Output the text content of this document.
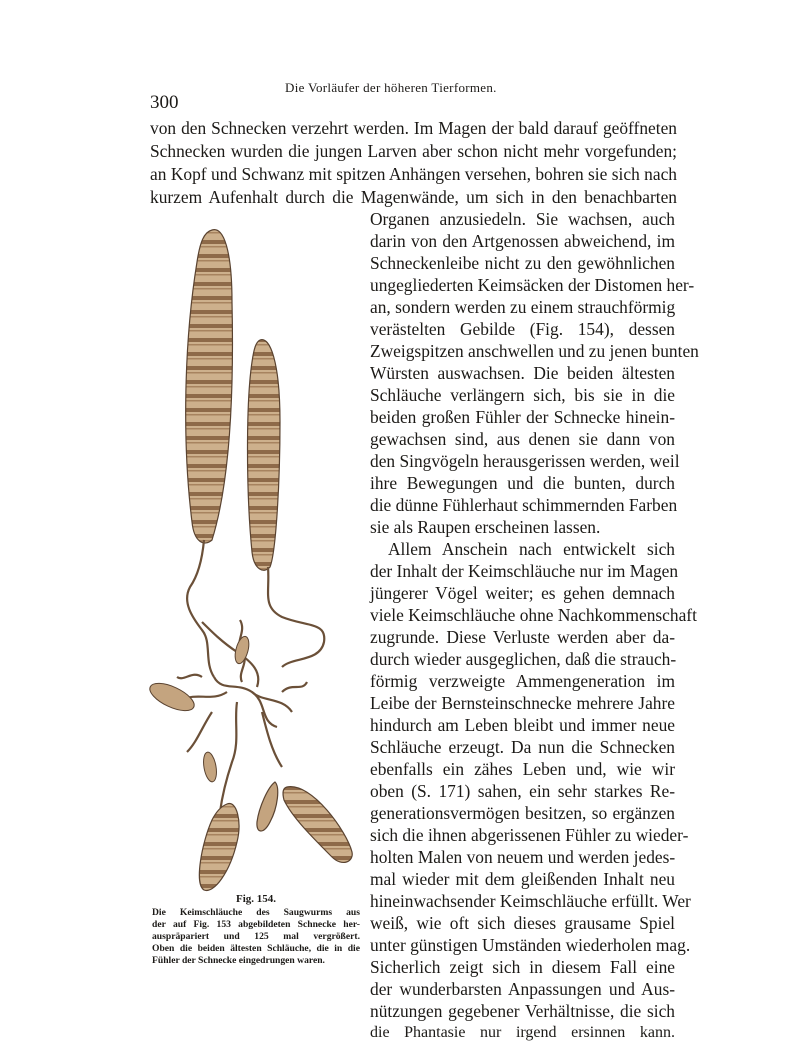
300
Die Vorläufer der höheren Tierformen.
von den Schnecken verzehrt werden. Im Magen der bald darauf geöffneten
Schnecken wurden die jungen Larven aber schon nicht mehr vorgefunden;
an Kopf und Schwanz mit spitzen Anhängen versehen, bohren sie sich nach
kurzem Aufenhalt durch die Magenwände, um sich in den benachbarten
Organen anzusiedeln. Sie wachsen, auch
darin von den Artgenossen abweichend, im
Schneckenleibe nicht zu den gewöhnlichen
ungegliederten Keimsäcken der Distomen her-
an, sondern werden zu einem strauchförmig
verästelten Gebilde (Fig. 154), dessen
Zweigspitzen anschwellen und zu jenen bunten
Würsten auswachsen. Die beiden ältesten
Schläuche verlängern sich, bis sie in die
beiden großen Fühler der Schnecke hinein-
gewachsen sind, aus denen sie dann von
den Singvögeln herausgerissen werden, weil
ihre Bewegungen und die bunten, durch
die dünne Fühlerhaut schimmernden Farben
sie als Raupen erscheinen lassen.
Allem Anschein nach entwickelt sich
der Inhalt der Keimschläuche nur im Magen
jüngerer Vögel weiter; es gehen demnach
viele Keimschläuche ohne Nachkommenschaft
zugrunde. Diese Verluste werden aber da-
durch wieder ausgeglichen, daß die strauch-
förmig verzweigte Ammengeneration im
Leibe der Bernsteinschnecke mehrere Jahre
hindurch am Leben bleibt und immer neue
Schläuche erzeugt. Da nun die Schnecken
ebenfalls ein zähes Leben und, wie wir
oben (S. 171) sahen, ein sehr starkes Re-
generationsvermögen besitzen, so ergänzen
sich die ihnen abgerissenen Fühler zu wieder-
holten Malen von neuem und werden jedes-
mal wieder mit dem gleißenden Inhalt neu
hineinwachsender Keimschläuche erfüllt. Wer
weiß, wie oft sich dieses grausame Spiel
unter günstigen Umständen wiederholen mag.
Sicherlich zeigt sich in diesem Fall eine
der wunderbarsten Anpassungen und Aus-
nützungen gegebener Verhältnisse, die sich
die Phantasie nur irgend ersinnen kann.
Fig. 154.
Die Keimschläuche des Saugwurms aus
der auf Fig. 153 abgebildeten Schnecke her-
auspräpariert und 125 mal vergrößert.
Oben die beiden ältesten Schläuche, die in die
Fühler der Schnecke eingedrungen waren.
